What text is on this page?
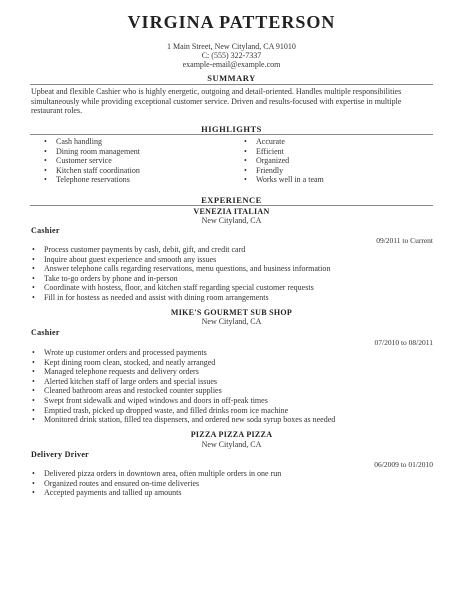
VIRGINA PATTERSON
1 Main Street, New Cityland, CA 91010
C: (555) 322-7337
example-email@example.com
SUMMARY
Upbeat and flexible Cashier who is highly energetic, outgoing and detail-oriented. Handles multiple responsibilities simultaneously while providing exceptional customer service. Driven and results-focused with expertise in multiple restaurant roles.
HIGHLIGHTS
• Cash handling
• Dining room management
• Customer service
• Kitchen staff coordination
• Telephone reservations
• Accurate
• Efficient
• Organized
• Friendly
• Works well in a team
EXPERIENCE
VENEZIA ITALIAN
New Cityland, CA
Cashier
09/2011 to Current
• Process customer payments by cash, debit, gift, and credit card
• Inquire about guest experience and smooth any issues
• Answer telephone calls regarding reservations, menu questions, and business information
• Take to-go orders by phone and in-person
• Coordinate with hostess, floor, and kitchen staff regarding special customer requests
• Fill in for hostess as needed and assist with dining room arrangements
MIKE'S GOURMET SUB SHOP
New Cityland, CA
Cashier
07/2010 to 08/2011
• Wrote up customer orders and processed payments
• Kept dining room clean, stocked, and neatly arranged
• Managed telephone requests and delivery orders
• Alerted kitchen staff of large orders and special issues
• Cleaned bathroom areas and restocked counter supplies
• Swept front sidewalk and wiped windows and doors in off-peak times
• Emptied trash, picked up dropped waste, and filled drinks room ice machine
• Monitored drink station, filled tea dispensers, and ordered new soda syrup boxes as needed
PIZZA PIZZA PIZZA
New Cityland, CA
Delivery Driver
06/2009 to 01/2010
• Delivered pizza orders in downtown area, often multiple orders in one run
• Organized routes and ensured on-time deliveries
• Accepted payments and tallied up amounts
